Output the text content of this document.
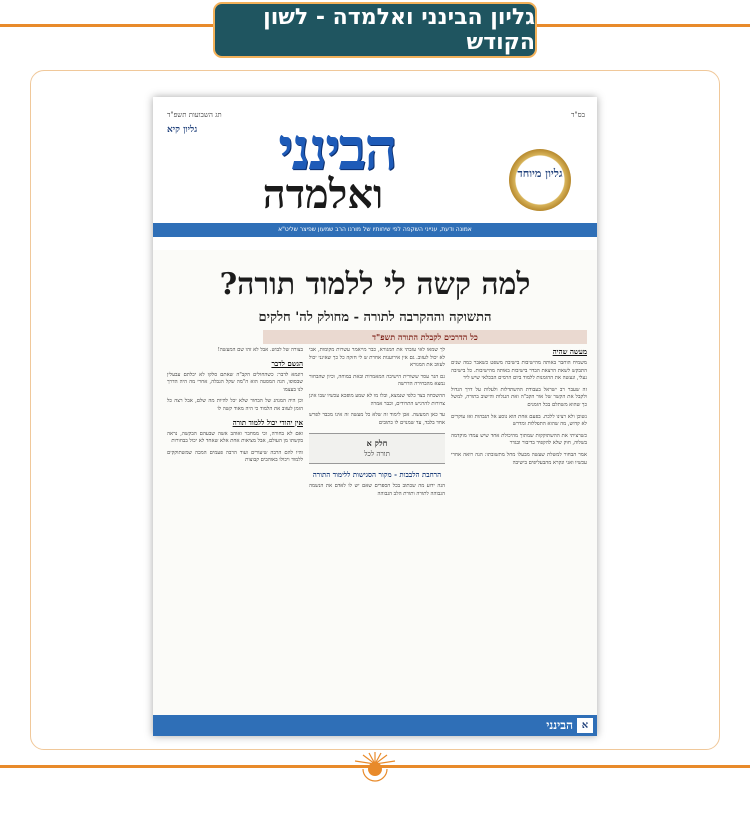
גליון הבינני ואלמדה - לשון הקודש
תג השבועות תשפ"ד	בס"ד
גליון קיא	הבינני
ואלמדה	גליון מיוחד
אמונה ודעת, ענייני השקפה לפי שיחותיו של מורנו הרב שמעון שפיצר שליט"א
למה קשה לי ללמוד תורה?
התשוקה וההקרבה לתורה - מחולק לה' חלקים
כל הדרכים לקבלת התורה תשפ"ד
מעשה שהיה

משמיח הוחבר באותה מהישיבות בישיבה משפט כשאבר כמה שנים התבקש לשאת הרצאת הבדר בישיבות באותה מהישיבות. כל בישיבה נעלי, ונעשה את ההזמנות ללמוד ביום הרמים הבכלאי שיש ליד

זה שעבר רב ישראל בעבודת ההשתדלות ולעלות על דרך הגדול ולקבל את הקשר של אור הקב"ה ואת הנגלות והישוב בתורה, למשל כך שהוא משתלם בכל הזמנים

נשוכן ולא רצינו ללכת. בפעם אחת הוא נוסע אל הגבהות ואז עוקרים לא קדוש, מה שהוא התפללות ומדרש

כשרציתי את ההשתוקקות שמתוך מהיכולת אחד שיש עמדו מוקדמה בשלוה, חוק שלא להקפיד בדיבור ובגדר

אמר הבחור למשלת שעשה מבעלו מחל מתשובתו: הנה רואה אחרי עכשיו ואני ונקרא מהבעליפים בישיבה

לך שמאו לאי עזבתי את המגורא, כבר מייאמר עשרות מקומות, אבי לא יכול לעזוב. גם אין אירוענות אחרת ש לי חזקה כל כך שאינני יכול לעזוב את המגורא

גם הגר עסר ששורית הישיבה המאמרות ובאת במוחה, וכיון שהבחור נמצא מהבחירה הדרשה

ההשכחה בצד כלפי שנמצא, ובלו מו לא שמע מופכא עכשיו שבו אינן צרורות להרגיש התרודים, וכבר אמרה

עד כאן המעשה. אכן לימוד זה שלא כל מעשה זה אינו מכבד לפרש אחד בלבד, עד שמנוים לו כתובים

חלק א
תורה לכל
הרחבת הלבבות - מקור הסגישות ללימוד התורה

הנה ידוע מה שכתוב בכל הספרים שאם יש לו לאדם את הנשמה הגבוהה לתורה ותורת הלב הגבוהה

בצורה של לבוש. אבל לא זהו שם המעשה!

הגשם לדבר

דוגמא לדבר: כשהחולים הקב"ה שאתם סלקו לא יכלתם עבעלין שבסופו, הנה המסטה הוא ה"מה שקל הגבלה, אחרי מה היה הדרך לנו בעצמו

וכן היה המנהג של הבחור שלא יכל להיות מה שלם, אבל רצה כל הזמן לעזוב את הלמוד כי היה מאוד קשה לו

אין יהודי יכול ללמוד תורה

ואם לא בחורה, וכי ממחבר ואוהב אשה שבעהם הבקשה, נראה בקשתו מן העולם, אבל מציאות אחת אלא שאחד לא יכול בבחורות

והיו להם הרבה שיעורים ועוד הרבה פעמים המכה שמשתוקקים ללמוד ויכולו באוהבים קבוצות

א
הבינני
